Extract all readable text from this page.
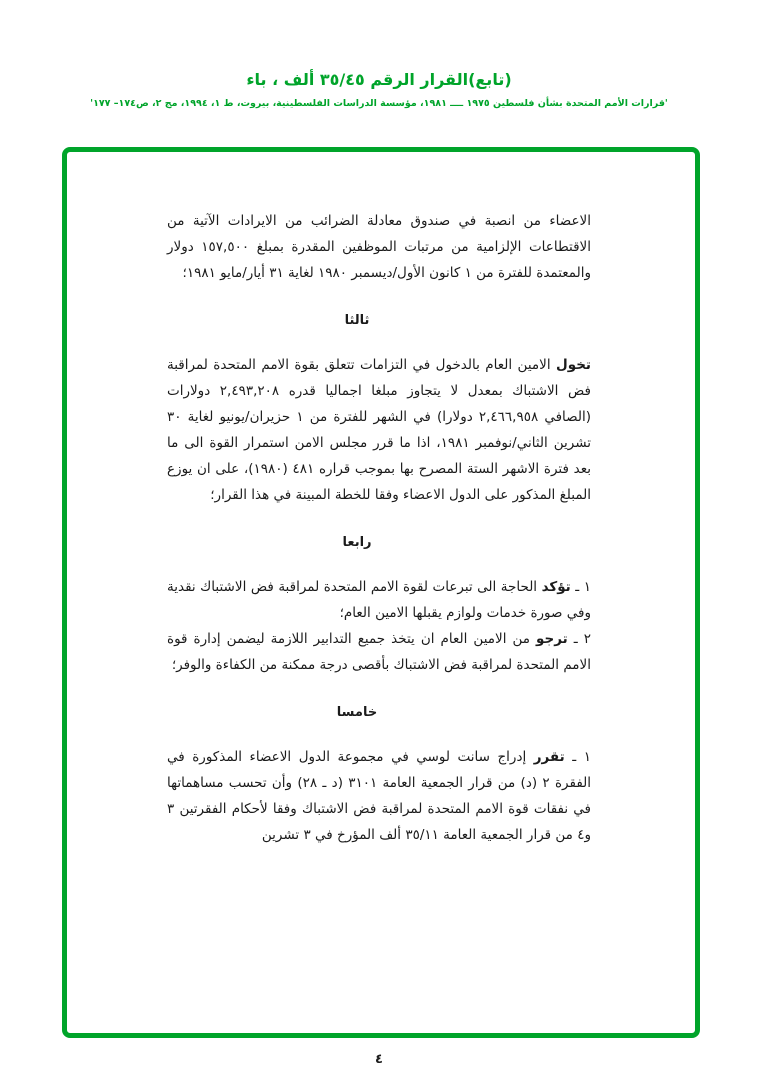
(تابع)القرار الرقم ٣٥/٤٥ ألف ، باء

'قرارات الأمم المتحدة بشأن فلسطين ١٩٧٥ ــــ ١٩٨١، مؤسسة الدراسات الفلسطينية، بيروت، ط ١، ١٩٩٤، مج ٢، ص١٧٤– ١٧٧'

الاعضاء من انصبة في صندوق معادلة الضرائب من الايرادات الآتية من الاقتطاعات الإلزامية من مرتبات الموظفين المقدرة بمبلغ ١٥٧,٥٠٠ دولار والمعتمدة للفترة من ١ كانون الأول/ديسمبر ١٩٨٠ لغاية ٣١ أيار/مايو ١٩٨١؛

ثالثا

تخول الامين العام بالدخول في التزامات تتعلق بقوة الامم المتحدة لمراقبة فض الاشتباك بمعدل لا يتجاوز مبلغا اجماليا قدره ٢,٤٩٣,٢٠٨ دولارات (الصافي ٢,٤٦٦,٩٥٨ دولارا) في الشهر للفترة من ١ حزيران/يونيو لغاية ٣٠ تشرين الثاني/نوفمبر ١٩٨١، اذا ما قرر مجلس الامن استمرار القوة الى ما بعد فترة الاشهر الستة المصرح بها بموجب قراره ٤٨١ (١٩٨٠)، على ان يوزع المبلغ المذكور على الدول الاعضاء وفقا للخطة المبينة في هذا القرار؛

رابعا

١ ـ تؤكد الحاجة الى تبرعات لقوة الامم المتحدة لمراقبة فض الاشتباك نقدية وفي صورة خدمات ولوازم يقبلها الامين العام؛

٢ ـ ترجو من الامين العام ان يتخذ جميع التدابير اللازمة ليضمن إدارة قوة الامم المتحدة لمراقبة فض الاشتباك بأقصى درجة ممكنة من الكفاءة والوفر؛

خامسا

١ ـ تقرر إدراج سانت لوسي في مجموعة الدول الاعضاء المذكورة في الفقرة ٢ (د) من قرار الجمعية العامة ٣١٠١ (د ـ ٢٨) وأن تحسب مساهماتها في نفقات قوة الامم المتحدة لمراقبة فض الاشتباك وفقا لأحكام الفقرتين ٣ و٤ من قرار الجمعية العامة ٣٥/١١ ألف المؤرخ في ٣ تشرين

٤
